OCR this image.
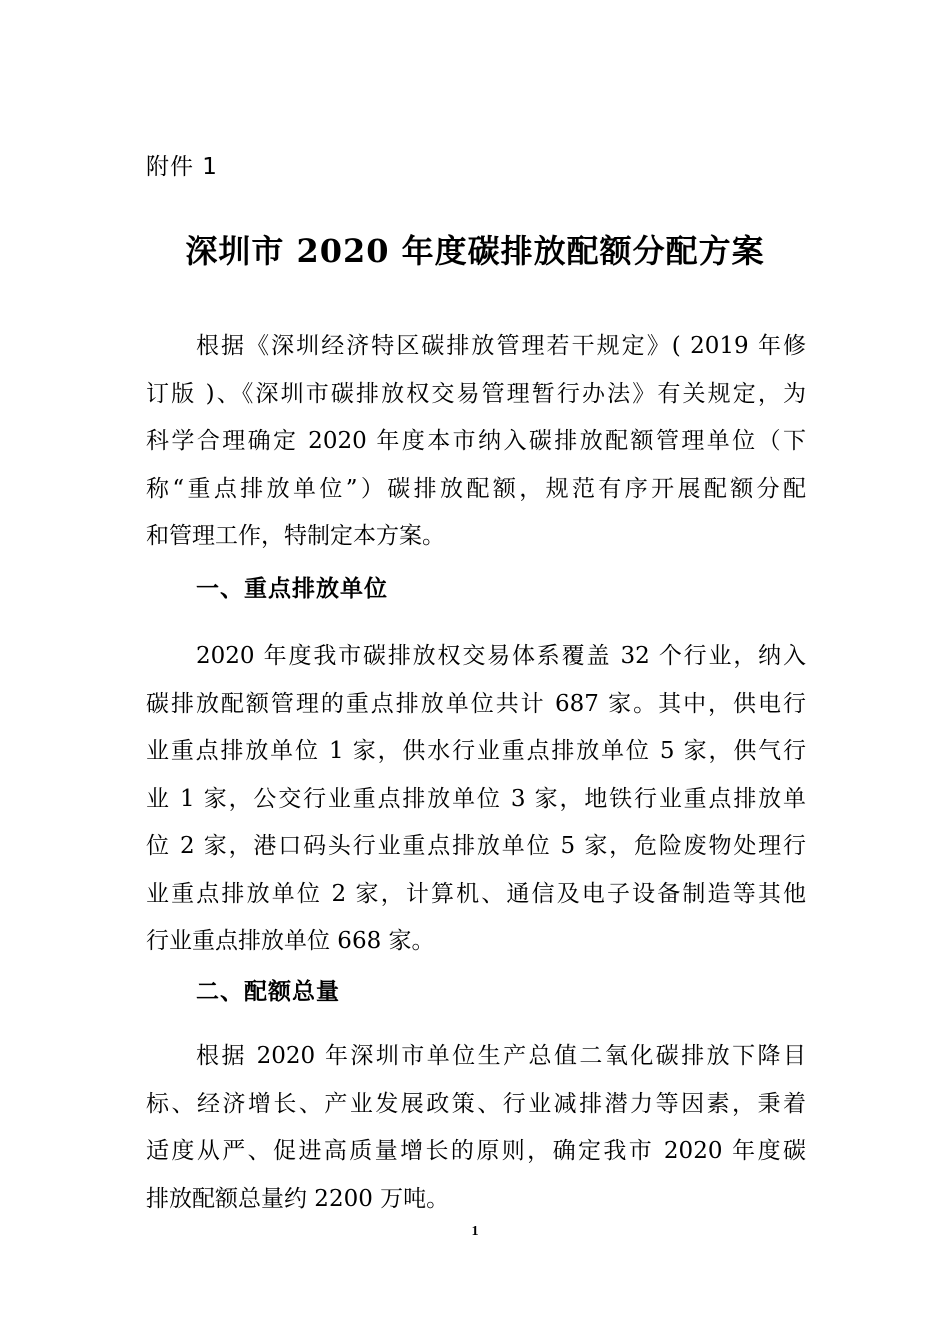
附件 1
深圳市 2020 年度碳排放配额分配方案
根据《深圳经济特区碳排放管理若干规定》( 2019 年修
订版 )、《深圳市碳排放权交易管理暂行办法》有关规定，为
科学合理确定 2020 年度本市纳入碳排放配额管理单位（下
称“重点排放单位”）碳排放配额，规范有序开展配额分配
和管理工作，特制定本方案。
一、重点排放单位
2020 年度我市碳排放权交易体系覆盖 32 个行业，纳入
碳排放配额管理的重点排放单位共计 687 家。其中，供电行
业重点排放单位 1 家，供水行业重点排放单位 5 家，供气行
业 1 家，公交行业重点排放单位 3 家，地铁行业重点排放单
位 2 家，港口码头行业重点排放单位 5 家，危险废物处理行
业重点排放单位 2 家，计算机、通信及电子设备制造等其他
行业重点排放单位 668 家。
二、配额总量
根据 2020 年深圳市单位生产总值二氧化碳排放下降目
标、经济增长、产业发展政策、行业减排潜力等因素，秉着
适度从严、促进高质量增长的原则，确定我市 2020 年度碳
排放配额总量约 2200 万吨。
1
